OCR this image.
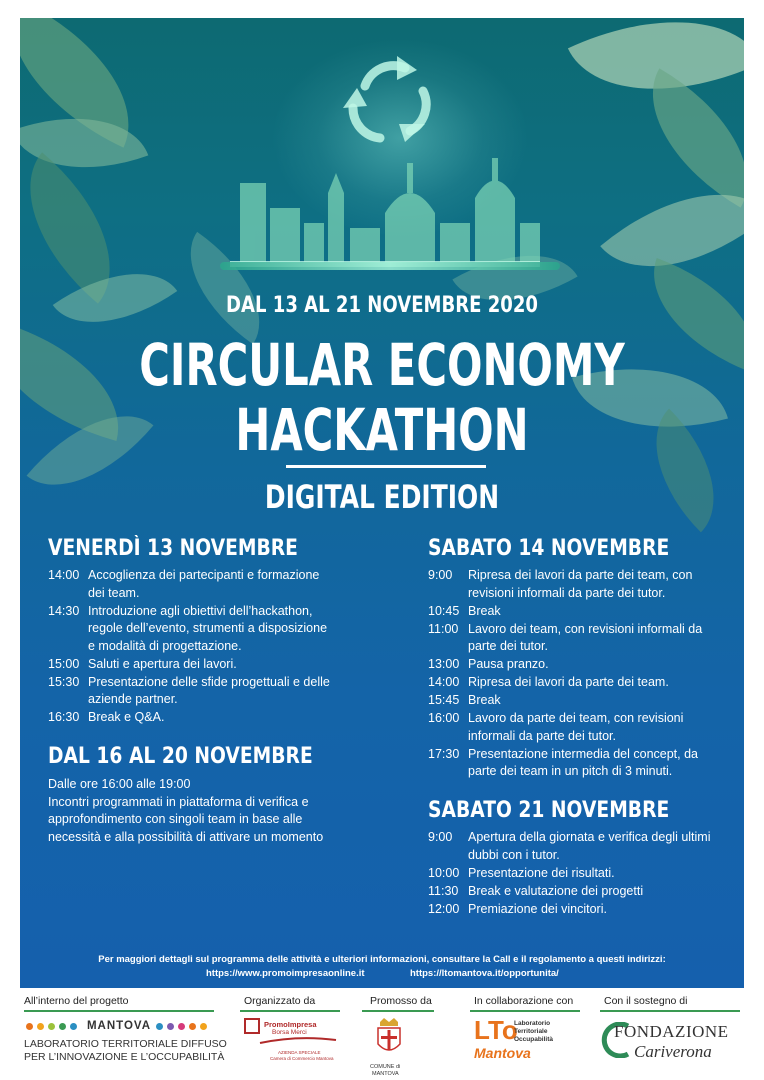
DAL 13 AL 21 NOVEMBRE 2020
CIRCULAR ECONOMY
HACKATHON
DIGITAL EDITION
VENERDÌ 13 NOVEMBRE
14:00 Accoglienza dei partecipanti e formazione
dei team.
14:30 Introduzione agli obiettivi dell’hackathon,
regole dell’evento, strumenti a disposizione
e modalità di progettazione.
15:00 Saluti e apertura dei lavori.
15:30 Presentazione delle sfide progettuali e delle
aziende partner.
16:30 Break e Q&A.
DAL 16 AL 20 NOVEMBRE
Dalle ore 16:00 alle 19:00
Incontri programmati in piattaforma di verifica e
approfondimento con singoli team in base alle
necessità e alla possibilità di attivare un momento
SABATO 14 NOVEMBRE
9:00 Ripresa dei lavori da parte dei team, con
revisioni informali da parte dei tutor.
10:45 Break
11:00 Lavoro dei team, con revisioni informali da
parte dei tutor.
13:00 Pausa pranzo.
14:00 Ripresa dei lavori da parte dei team.
15:45 Break
16:00 Lavoro da parte dei team, con revisioni
informali da parte dei tutor.
17:30 Presentazione intermedia del concept, da
parte dei team in un pitch di 3 minuti.
SABATO 21 NOVEMBRE
9:00 Apertura della giornata e verifica degli ultimi
dubbi con i tutor.
10:00 Presentazione dei risultati.
11:30 Break e valutazione dei progetti
12:00 Premiazione dei vincitori.
Per maggiori dettagli sul programma delle attività e ulteriori informazioni, consultare la Call e il regolamento a questi indirizzi:
https://www.promoimpresaonline.it	https://ltomantova.it/opportunita/
All’interno del progetto
MANTOVA
LABORATORIO TERRITORIALE DIFFUSO
PER L’INNOVAZIONE E L’OCCUPABILITÀ
Organizzato da
PromoImpresa
Borsa Merci
AZIENDA SPECIALE
Camera di Commercio Mantova
Promosso da
COMUNE di
MANTOVA
In collaborazione con
LTo
Laboratorio
Territoriale
Occupabilità
Mantova
Con il sostegno di
FONDAZIONE
Cariverona
